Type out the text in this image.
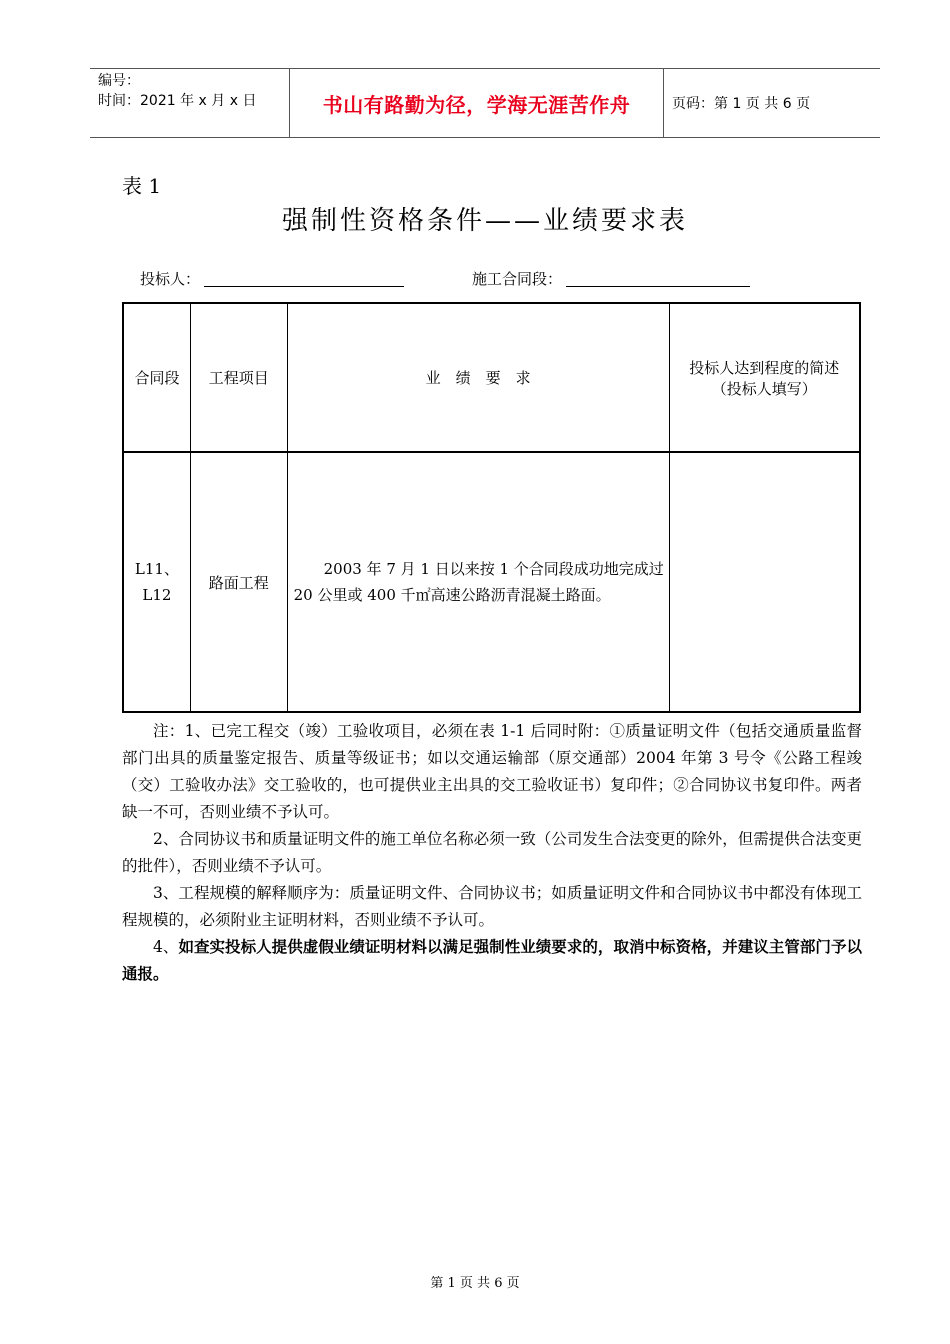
编号：
时间：2021 年 x 月 x 日	书山有路勤为径，学海无涯苦作舟	页码：第 1 页 共 6 页
表 1
强制性资格条件——业绩要求表
投标人：	施工合同段：
合同段	工程项目	业　绩　要　求	投标人达到程度的简述
（投标人填写）

L11、
L12	路面工程	2003 年 7 月 1 日以来按 1 个合同段成功地完成过 20 公里或 400 千㎡高速公路沥青混凝土路面。	

注：1、已完工程交（竣）工验收项目，必须在表 1-1 后同时附：①质量证明文件（包括交通质量监督部门出具的质量鉴定报告、质量等级证书；如以交通运输部（原交通部）2004 年第 3 号令《公路工程竣（交）工验收办法》交工验收的，也可提供业主出具的交工验收证书）复印件；②合同协议书复印件。两者缺一不可，否则业绩不予认可。

2、合同协议书和质量证明文件的施工单位名称必须一致（公司发生合法变更的除外，但需提供合法变更的批件），否则业绩不予认可。

3、工程规模的解释顺序为：质量证明文件、合同协议书；如质量证明文件和合同协议书中都没有体现工程规模的，必须附业主证明材料，否则业绩不予认可。

4、如查实投标人提供虚假业绩证明材料以满足强制性业绩要求的，取消中标资格，并建议主管部门予以通报。

第 1 页 共 6 页
